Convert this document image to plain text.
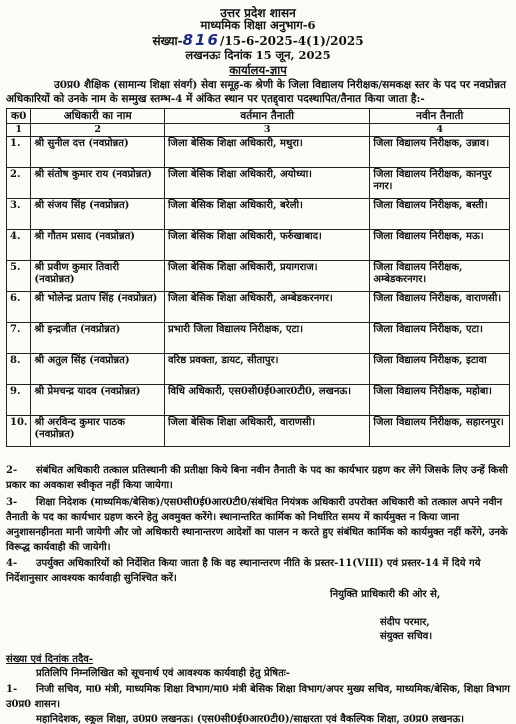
उत्तर प्रदेश शासन
माध्यमिक शिक्षा अनुभाग-6
संख्या-816/15-6-2025-4(1)/2025
लखनऊः दिनांक 15 जून, 2025
कार्यालय-ज्ञाप
उ0प्र0 शैक्षिक (सामान्य शिक्षा संवर्ग) सेवा समूह-क श्रेणी के जिला विद्यालय निरीक्षक/समकक्ष स्तर के पद पर नवप्रोन्नत अधिकारियों को उनके नाम के सम्मुख स्तम्भ-4 में अंकित स्थान पर एतद्द्वारा पदस्थापित/तैनात किया जाता है:-
क0	अधिकारी का नाम	वर्तमान तैनाती	नवीन तैनाती
1	2	3	4
1.	श्री सुनील दत्त (नवप्रोन्नत)	जिला बेसिक शिक्षा अधिकारी, मथुरा।	जिला विद्यालय निरीक्षक, उन्नाव।
2.	श्री संतोष कुमार राय (नवप्रोन्नत)	जिला बेसिक शिक्षा अधिकारी, अयोध्या।	जिला विद्यालय निरीक्षक, कानपुर नगर।
3.	श्री संजय सिंह (नवप्रोन्नत)	जिला बेसिक शिक्षा अधिकारी, बरेली।	जिला विद्यालय निरीक्षक, बस्ती।
4.	श्री गौतम प्रसाद (नवप्रोन्नत)	जिला बेसिक शिक्षा अधिकारी, फर्रुखाबाद।	जिला विद्यालय निरीक्षक, मऊ।
5.	श्री प्रवीण कुमार तिवारी (नवप्रोन्नत)	जिला बेसिक शिक्षा अधिकारी, प्रयागराज।	जिला विद्यालय निरीक्षक, अम्बेडकरनगर।
6.	श्री भोलेन्द्र प्रताप सिंह (नवप्रोन्नत)	जिला बेसिक शिक्षा अधिकारी, अम्बेडकरनगर।	जिला विद्यालय निरीक्षक, वाराणसी।
7.	श्री इन्द्रजीत (नवप्रोन्नत)	प्रभारी जिला विद्यालय निरीक्षक, एटा।	जिला विद्यालय निरीक्षक, एटा।
8.	श्री अतुल सिंह (नवप्रोन्नत)	वरिष्ठ प्रवक्ता, डायट, सीतापुर।	जिला विद्यालय निरीक्षक, इटावा
9.	श्री प्रेमचन्द्र यादव (नवप्रोन्नत)	विधि अधिकारी, एस0सी0ई0आर0टी0, लखनऊ।	जिला विद्यालय निरीक्षक, महोबा।
10.	श्री अरविन्द कुमार पाठक (नवप्रोन्नत)	जिला बेसिक शिक्षा अधिकारी, वाराणसी।	जिला विद्यालय निरीक्षक, सहारनपुर।
2- संबंधित अधिकारी तत्काल प्रतिस्थानी की प्रतीक्षा किये बिना नवीन तैनाती के पद का कार्यभार ग्रहण कर लेंगे जिसके लिए उन्हें किसी प्रकार का अवकाश स्वीकृत नहीं किया जायेगा।
3- शिक्षा निदेशक (माध्यमिक/बेसिक)/एस0सी0ई0आर0टी0/संबंधित नियंत्रक अधिकारी उपरोक्त अधिकारी को तत्काल अपने नवीन तैनाती के पद का कार्यभार ग्रहण करने हेतु अवमुक्त करेंगे। स्थानान्तरित कार्मिक को निर्धारित समय में कार्यमुक्त न किया जाना अनुशासनहीनता मानी जायेगी और जो अधिकारी स्थानान्तरण आदेशों का पालन न करते हुए संबंधित कार्मिक को कार्यमुक्त नहीं करेंगे, उनके विरूद्ध कार्यवाही की जायेगी।
4- उपर्युक्त अधिकारियों को निर्देशित किया जाता है कि वह स्थानान्तरण नीति के प्रस्तर-11(VIII) एवं प्रस्तर-14 में दिये गये निर्देशानुसार आवश्यक कार्यवाही सुनिश्चित करें।
नियुक्ति प्राधिकारी की ओर से,
संदीप परमार,
संयुक्त सचिव।
संख्या एवं दिनांक तदैव-
प्रतिलिपि निम्नलिखित को सूचनार्थ एवं आवश्यक कार्यवाही हेतु प्रेषितः-
1- निजी सचिव, मा0 मंत्री, माध्यमिक शिक्षा विभाग/मा0 मंत्री बेसिक शिक्षा विभाग/अपर मुख्य सचिव, माध्यमिक/बेसिक, शिक्षा विभाग उ0प्र0 शासन।
महानिदेशक, स्कूल शिक्षा, उ0प्र0 लखनऊ। (एस0सी0ई0आर0टी0)/साक्षरता एवं वैकल्पिक शिक्षा, उ0प्र0 लखनऊ।
